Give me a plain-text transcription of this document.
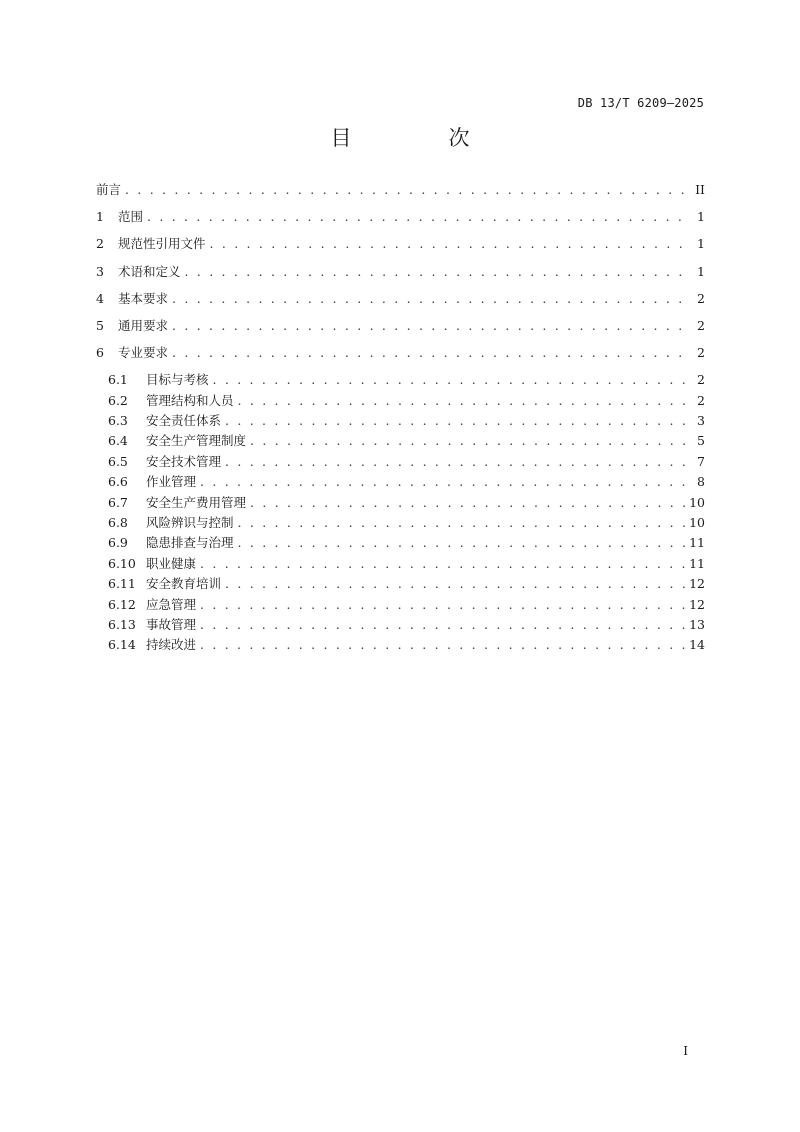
DB 13/T 6209—2025
目　次
前言 . . .	II
1	范围 . . .	1
2	规范性引用文件 . . .	1
3	术语和定义 . . .	1
4	基本要求 . . .	2
5	通用要求 . . .	2
6	专业要求 . . .	2
6.1	目标与考核 . . .	2
6.2	管理结构和人员 . . .	2
6.3	安全责任体系 . . .	3
6.4	安全生产管理制度 . . .	5
6.5	安全技术管理 . . .	7
6.6	作业管理 . . .	8
6.7	安全生产费用管理 . . .	10
6.8	风险辨识与控制 . . .	10
6.9	隐患排查与治理 . . .	11
6.10 职业健康 . . .	11
6.11 安全教育培训 . . .	12
6.12 应急管理 . . .	12
6.13 事故管理 . . .	13
6.14 持续改进 . . .	14
I
